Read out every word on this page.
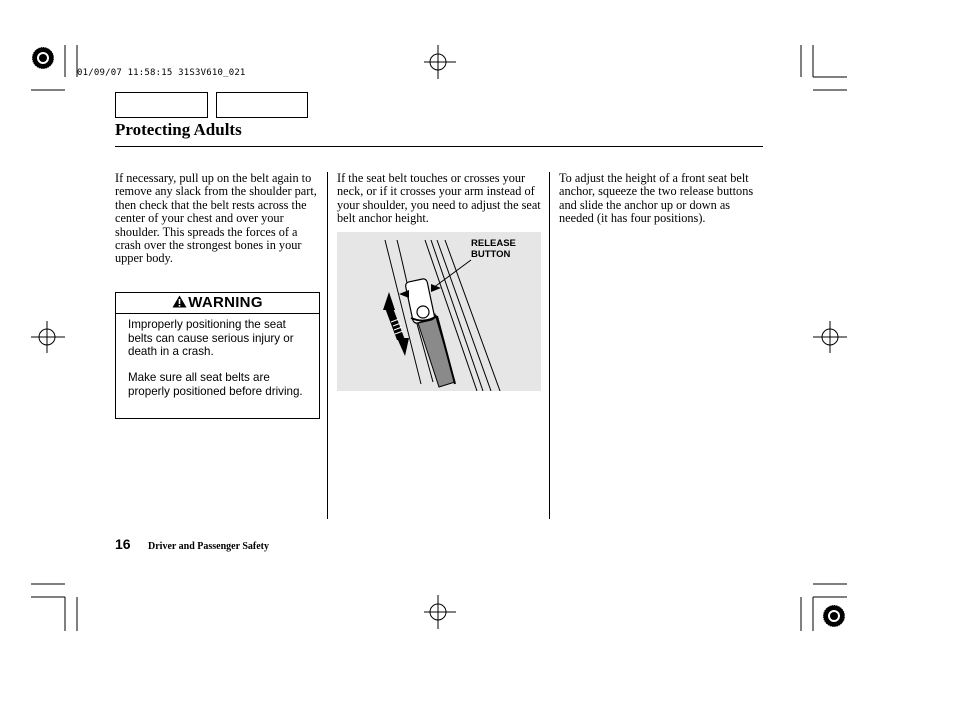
01/09/07 11:58:15 31S3V610_021
Protecting Adults
If necessary, pull up on the belt again to remove any slack from the shoulder part, then check that the belt rests across the center of your chest and over your shoulder. This spreads the forces of a crash over the strongest bones in your upper body.
WARNING
Improperly positioning the seat belts can cause serious injury or death in a crash.
Make sure all seat belts are properly positioned before driving.
If the seat belt touches or crosses your neck, or if it crosses your arm instead of your shoulder, you need to adjust the seat belt anchor height.
RELEASE
BUTTON
To adjust the height of a front seat belt anchor, squeeze the two release buttons and slide the anchor up or down as needed (it has four positions).
16 Driver and Passenger Safety
